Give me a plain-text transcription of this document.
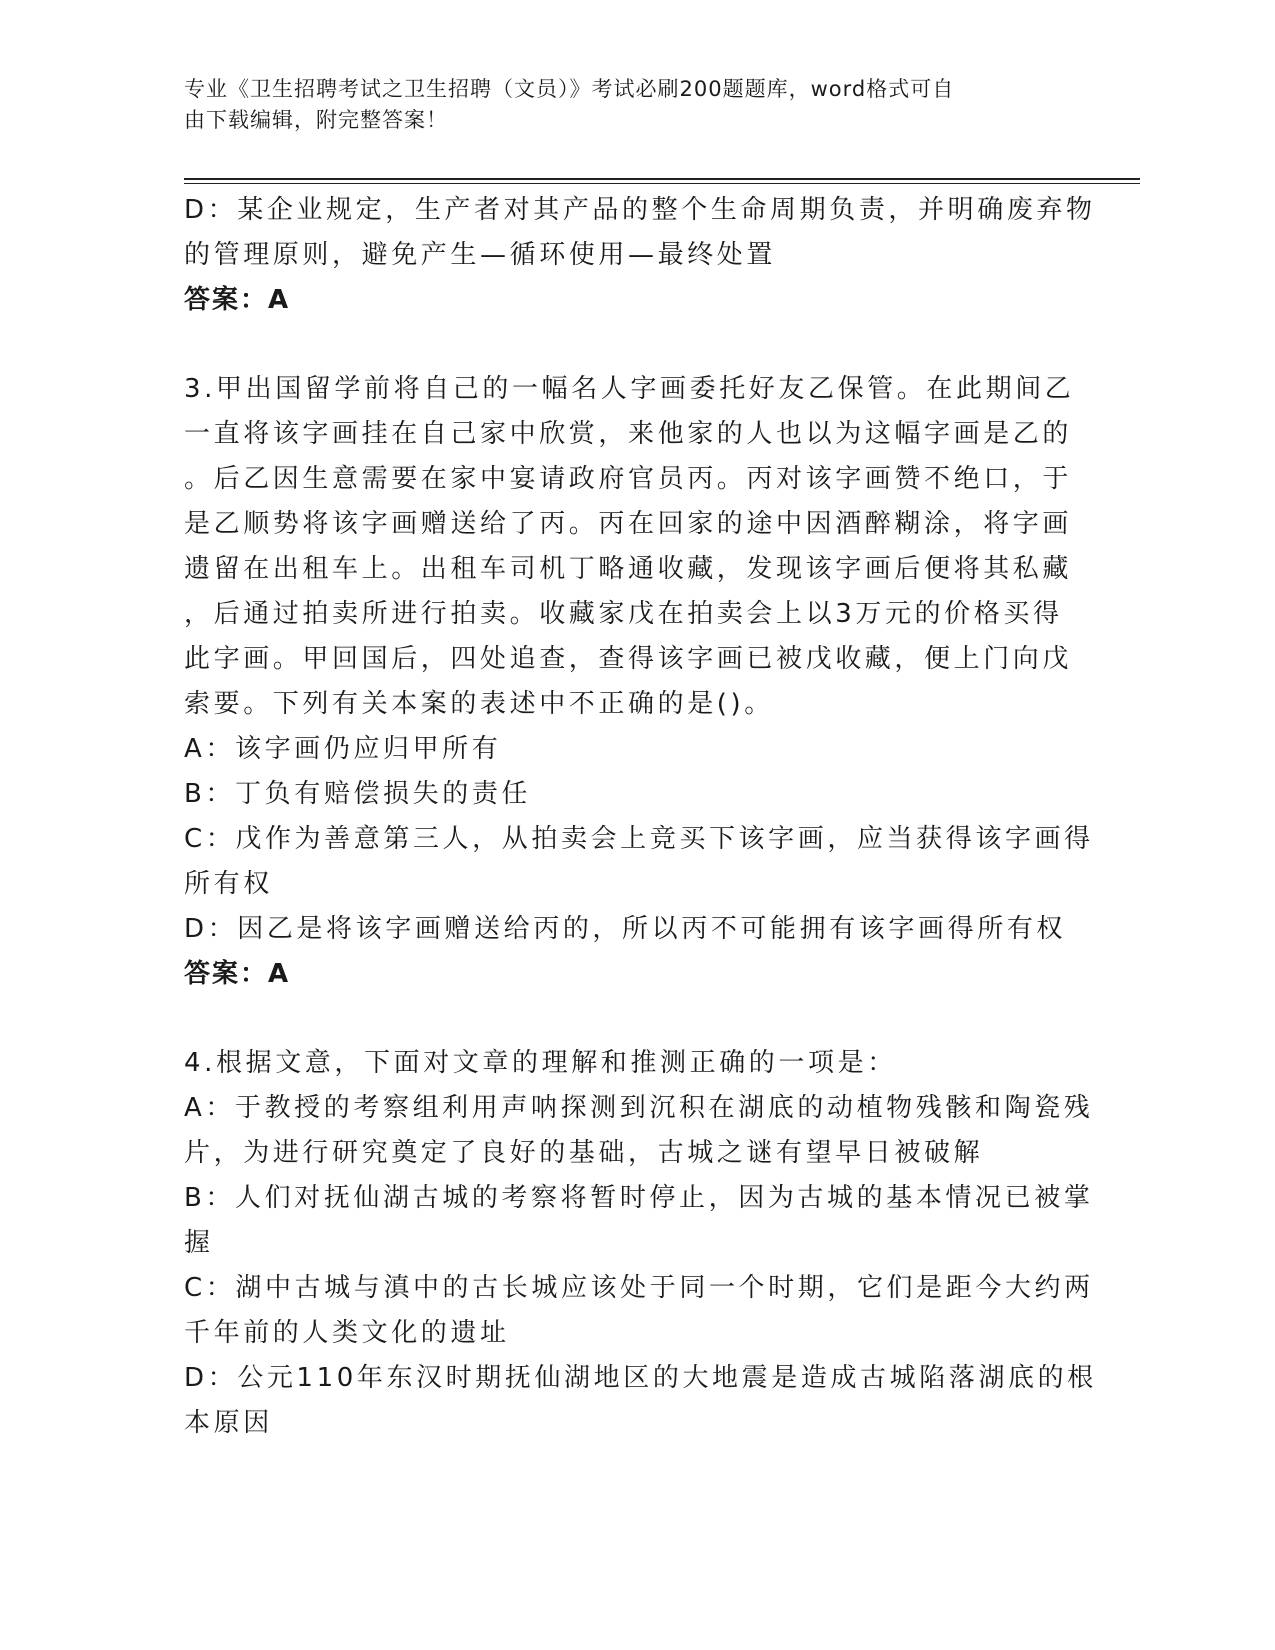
专业《卫生招聘考试之卫生招聘（文员）》考试必刷200题题库，word格式可自
由下载编辑，附完整答案！
D：某企业规定，生产者对其产品的整个生命周期负责，并明确废弃物
的管理原则，避免产生—循环使用—最终处置
答案：A
3.甲出国留学前将自己的一幅名人字画委托好友乙保管。在此期间乙
一直将该字画挂在自己家中欣赏，来他家的人也以为这幅字画是乙的
。后乙因生意需要在家中宴请政府官员丙。丙对该字画赞不绝口，于
是乙顺势将该字画赠送给了丙。丙在回家的途中因酒醉糊涂，将字画
遗留在出租车上。出租车司机丁略通收藏，发现该字画后便将其私藏
，后通过拍卖所进行拍卖。收藏家戊在拍卖会上以3万元的价格买得
此字画。甲回国后，四处追查，查得该字画已被戊收藏，便上门向戊
索要。下列有关本案的表述中不正确的是()。
A：该字画仍应归甲所有
B：丁负有赔偿损失的责任
C：戊作为善意第三人，从拍卖会上竞买下该字画，应当获得该字画得
所有权
D：因乙是将该字画赠送给丙的，所以丙不可能拥有该字画得所有权
答案：A
4.根据文意，下面对文章的理解和推测正确的一项是：
A：于教授的考察组利用声呐探测到沉积在湖底的动植物残骸和陶瓷残
片，为进行研究奠定了良好的基础，古城之谜有望早日被破解
B：人们对抚仙湖古城的考察将暂时停止，因为古城的基本情况已被掌
握
C：湖中古城与滇中的古长城应该处于同一个时期，它们是距今大约两
千年前的人类文化的遗址
D：公元110年东汉时期抚仙湖地区的大地震是造成古城陷落湖底的根
本原因
